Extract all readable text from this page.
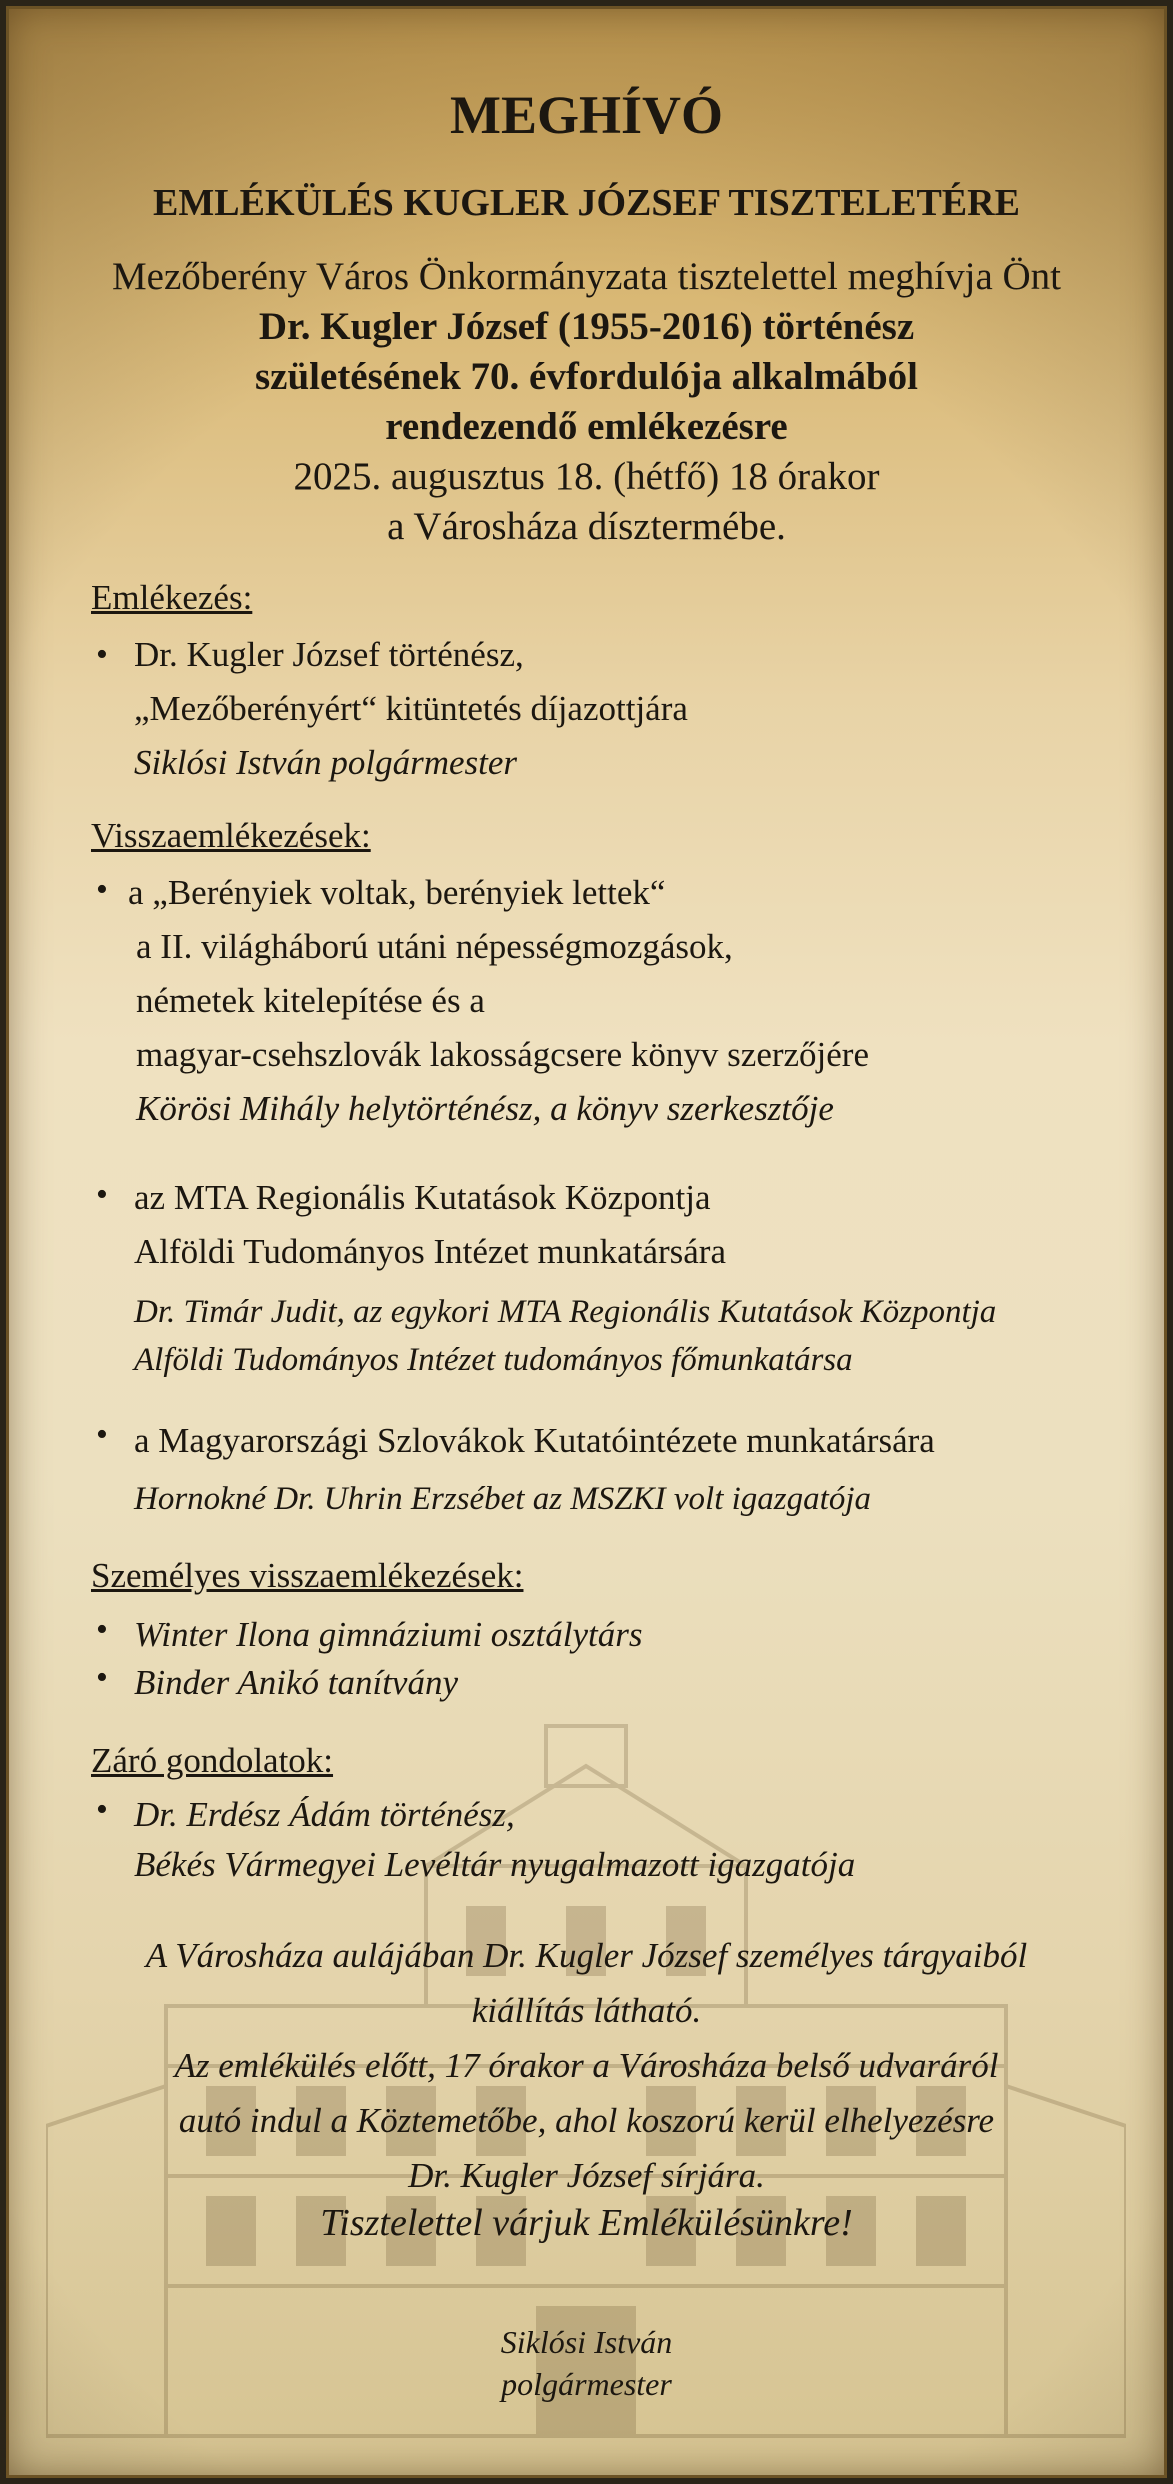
MEGHÍVÓ
EMLÉKÜLÉS KUGLER JÓZSEF TISZTELETÉRE
Mezőberény Város Önkormányzata tisztelettel meghívja Önt
Dr. Kugler József (1955-2016) történész
születésének 70. évfordulója alkalmából
rendezendő emlékezésre
2025. augusztus 18. (hétfő) 18 órakor
a Városháza dísztermébe.
Emlékezés:
• Dr. Kugler József történész,
„Mezőberényért“ kitüntetés díjazottjára
Siklósi István polgármester
Visszaemlékezések:
• a „Berényiek voltak, berényiek lettek“
a II. világháború utáni népességmozgások,
németek kitelepítése és a
magyar-csehszlovák lakosságcsere könyv szerzőjére
Körösi Mihály helytörténész, a könyv szerkesztője
• az MTA Regionális Kutatások Központja
Alföldi Tudományos Intézet munkatársára
Dr. Timár Judit, az egykori MTA Regionális Kutatások Központja
Alföldi Tudományos Intézet tudományos főmunkatársa
• a Magyarországi Szlovákok Kutatóintézete munkatársára
Hornokné Dr. Uhrin Erzsébet az MSZKI volt igazgatója
Személyes visszaemlékezések:
•
•
Winter Ilona gimnáziumi osztálytárs
Binder Anikó tanítvány
Záró gondolatok:
• Dr. Erdész Ádám történész,
Békés Vármegyei Levéltár nyugalmazott igazgatója
A Városháza aulájában Dr. Kugler József személyes tárgyaiból
kiállítás látható.
Az emlékülés előtt, 17 órakor a Városháza belső udvaráról
autó indul a Köztemetőbe, ahol koszorú kerül elhelyezésre
Dr. Kugler József sírjára.
Tisztelettel várjuk Emlékülésünkre!
Siklósi István
polgármester
